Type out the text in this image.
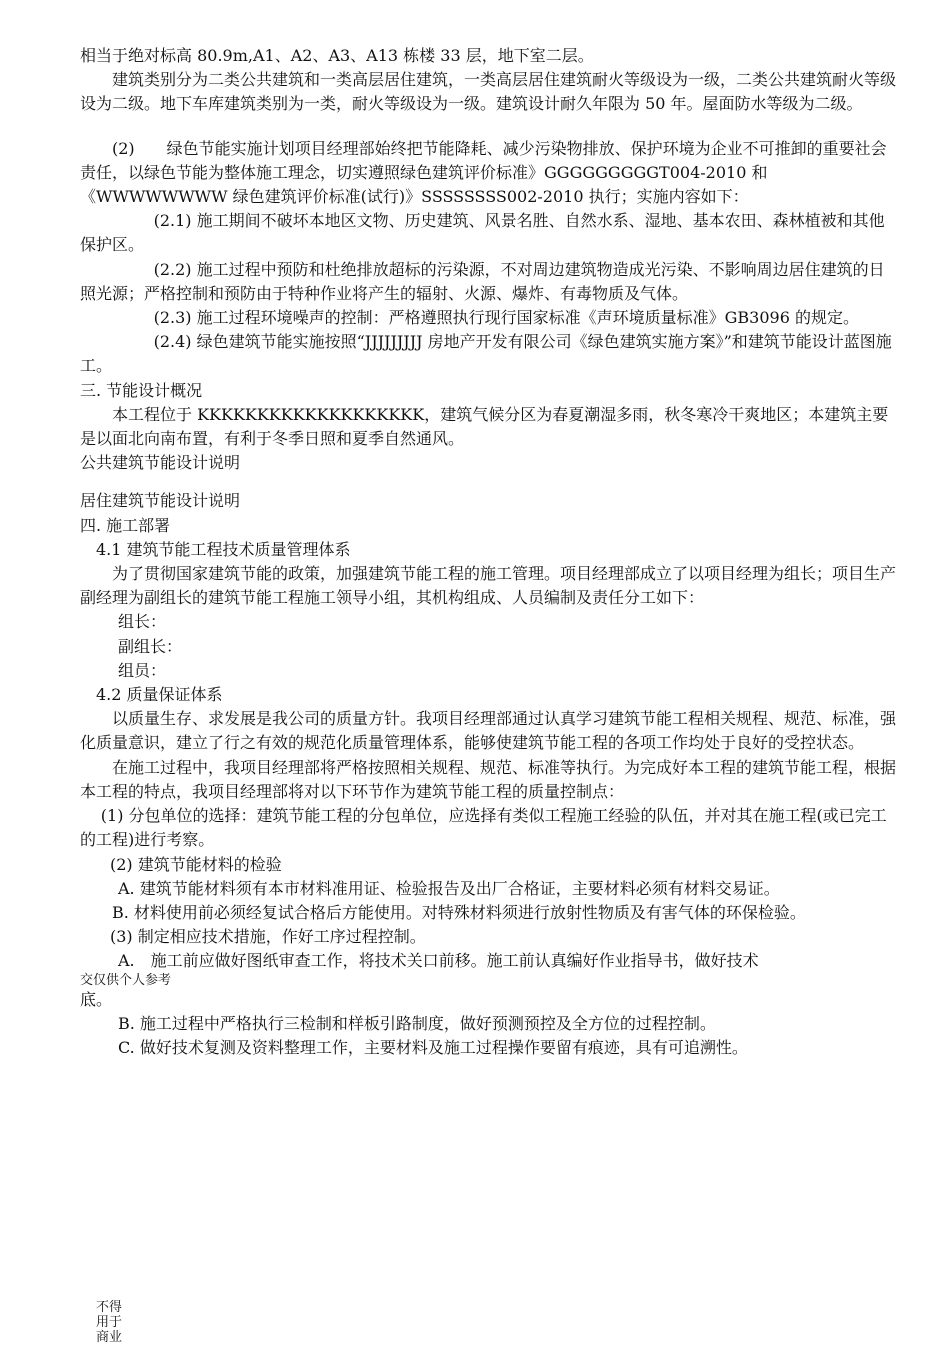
相当于绝对标高 80.9m,A1、A2、A3、A13 栋楼 33 层，地下室二层。

建筑类别分为二类公共建筑和一类高层居住建筑，一类高层居住建筑耐火等级设为一级，二类公共建筑耐火等级设为二级。地下车库建筑类别为一类，耐火等级设为一级。建筑设计耐久年限为 50 年。屋面防水等级为二级。

(2)　　绿色节能实施计划项目经理部始终把节能降耗、减少污染物排放、保护环境为企业不可推卸的重要社会责任，以绿色节能为整体施工理念，切实遵照绿色建筑评价标准》GGGGGGGGGT004-2010 和《WWWWWWWW 绿色建筑评价标准(试行)》SSSSSSSS002-2010 执行；实施内容如下：

(2.1) 施工期间不破坏本地区文物、历史建筑、风景名胜、自然水系、湿地、基本农田、森林植被和其他保护区。

(2.2) 施工过程中预防和杜绝排放超标的污染源，不对周边建筑物造成光污染、不影响周边居住建筑的日照光源；严格控制和预防由于特种作业将产生的辐射、火源、爆炸、有毒物质及气体。

(2.3) 施工过程环境噪声的控制：严格遵照执行现行国家标准《声环境质量标准》GB3096 的规定。

(2.4) 绿色建筑节能实施按照“JJJJJJJJJ 房地产开发有限公司《绿色建筑实施方案》”和建筑节能设计蓝图施工。

三. 节能设计概况

本工程位于 KKKKKKKKKKKKKKKKKKK，建筑气候分区为春夏潮湿多雨，秋冬寒冷干爽地区；本建筑主要是以面北向南布置，有利于冬季日照和夏季自然通风。

公共建筑节能设计说明

居住建筑节能设计说明

四. 施工部署

4.1 建筑节能工程技术质量管理体系

为了贯彻国家建筑节能的政策，加强建筑节能工程的施工管理。项目经理部成立了以项目经理为组长；项目生产副经理为副组长的建筑节能工程施工领导小组，其机构组成、人员编制及责任分工如下：

组长：

副组长：

组员：

4.2 质量保证体系

以质量生存、求发展是我公司的质量方针。我项目经理部通过认真学习建筑节能工程相关规程、规范、标准，强化质量意识，建立了行之有效的规范化质量管理体系，能够使建筑节能工程的各项工作均处于良好的受控状态。

在施工过程中，我项目经理部将严格按照相关规程、规范、标准等执行。为完成好本工程的建筑节能工程，根据本工程的特点，我项目经理部将对以下环节作为建筑节能工程的质量控制点：

(1) 分包单位的选择：建筑节能工程的分包单位，应选择有类似工程施工经验的队伍，并对其在施工程(或已完工的工程)进行考察。

(2) 建筑节能材料的检验

A. 建筑节能材料须有本市材料准用证、检验报告及出厂合格证，主要材料必须有材料交易证。

B. 材料使用前必须经复试合格后方能使用。对特殊材料须进行放射性物质及有害气体的环保检验。

(3) 制定相应技术措施，作好工序过程控制。

A.　施工前应做好图纸审查工作，将技术关口前移。施工前认真编好作业指导书，做好技术

交仅供个人参考

底。

B. 施工过程中严格执行三检制和样板引路制度，做好预测预控及全方位的过程控制。

C. 做好技术复测及资料整理工作，主要材料及施工过程操作要留有痕迹，具有可追溯性。

不得用于商业
